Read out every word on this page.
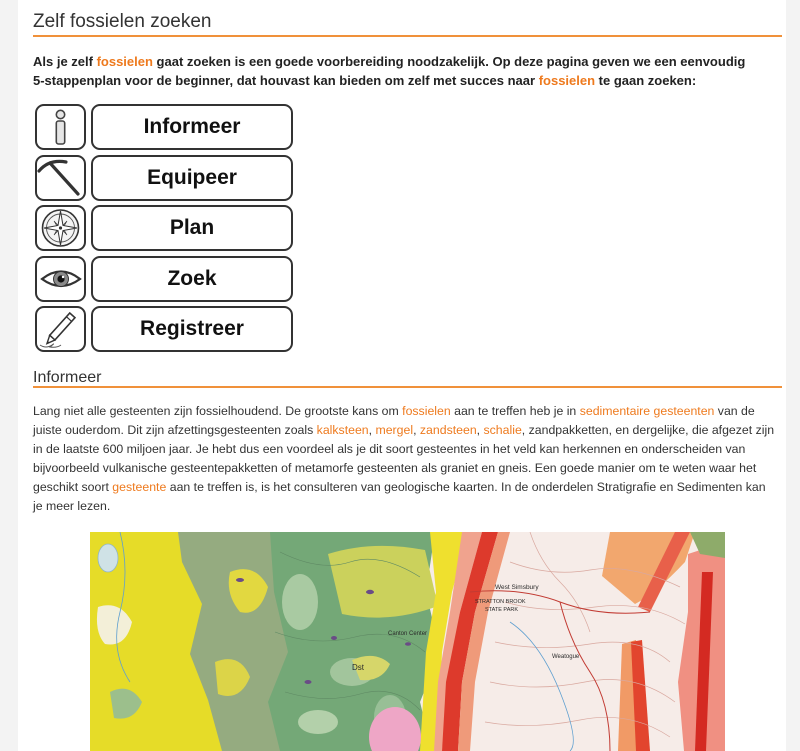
Zelf fossielen zoeken
Als je zelf fossielen gaat zoeken is een goede voorbereiding noodzakelijk. Op deze pagina geven we een eenvoudig
5-stappenplan voor de beginner, dat houvast kan bieden om zelf met succes naar fossielen te gaan zoeken:
Informeer
Equipeer
Plan
Zoek
Registreer
Informeer
Lang niet alle gesteenten zijn fossielhoudend. De grootste kans om fossielen aan te treffen heb je in sedimentaire gesteenten van de
juiste ouderdom. Dit zijn afzettingsgesteenten zoals kalksteen, mergel, zandsteen, schalie, zandpakketten, en dergelijke, die afgezet zijn
in de laatste 600 miljoen jaar. Je hebt dus een voordeel als je dit soort gesteentes in het veld kan herkennen en onderscheiden van
bijvoorbeeld vulkanische gesteentepakketten of metamorfe gesteenten als graniet en gneis. Een goede manier om te weten waar het
geschikt soort gesteente aan te treffen is, is het consulteren van geologische kaarten. In de onderdelen Stratigrafie en Sedimenten kan
je meer lezen.
West Simsbury
STRATTON BROOK
STATE PARK
Canton Center
Weatogue
Dst
